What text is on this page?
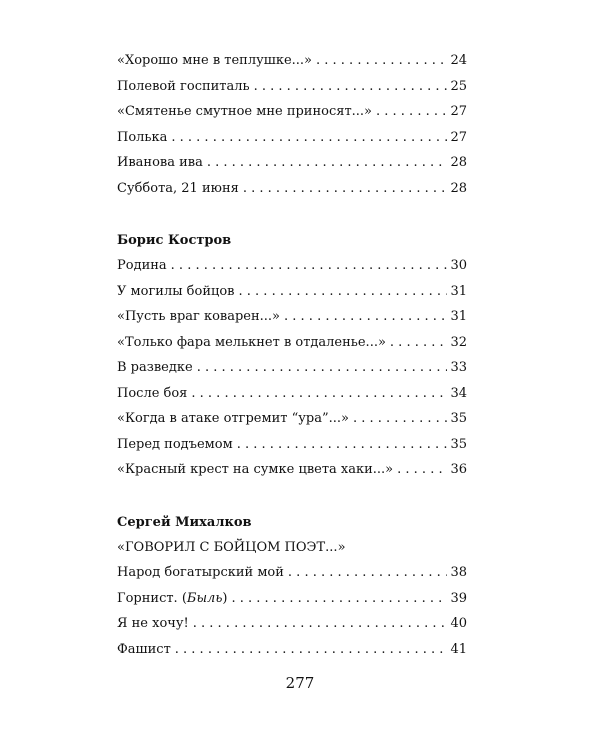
«Хорошо мне в теплушке...» . . .	24
Полевой госпиталь . . .	25
«Смятенье смутное мне приносят...» . . .	27
Полька . . .	27
Иванова ива . . .	28
Суббота, 21 июня . . .	28
Борис Костров
Родина . . .	30
У могилы бойцов . . .	31
«Пусть враг коварен...» . . .	31
«Только фара мелькнет в отдаленье...» . . .	32
В разведке . . .	33
После боя . . .	34
«Когда в атаке отгремит “ура”...» . . .	35
Перед подъемом . . .	35
«Красный крест на сумке цвета хаки...» . . .	36
Сергей Михалков
«ГОВОРИЛ С БОЙЦОМ ПОЭТ...»
Народ богатырский мой . . .	38
Горнист. (Быль) . . .	39
Я не хочу! . . .	40
Фашист . . .	41
277
